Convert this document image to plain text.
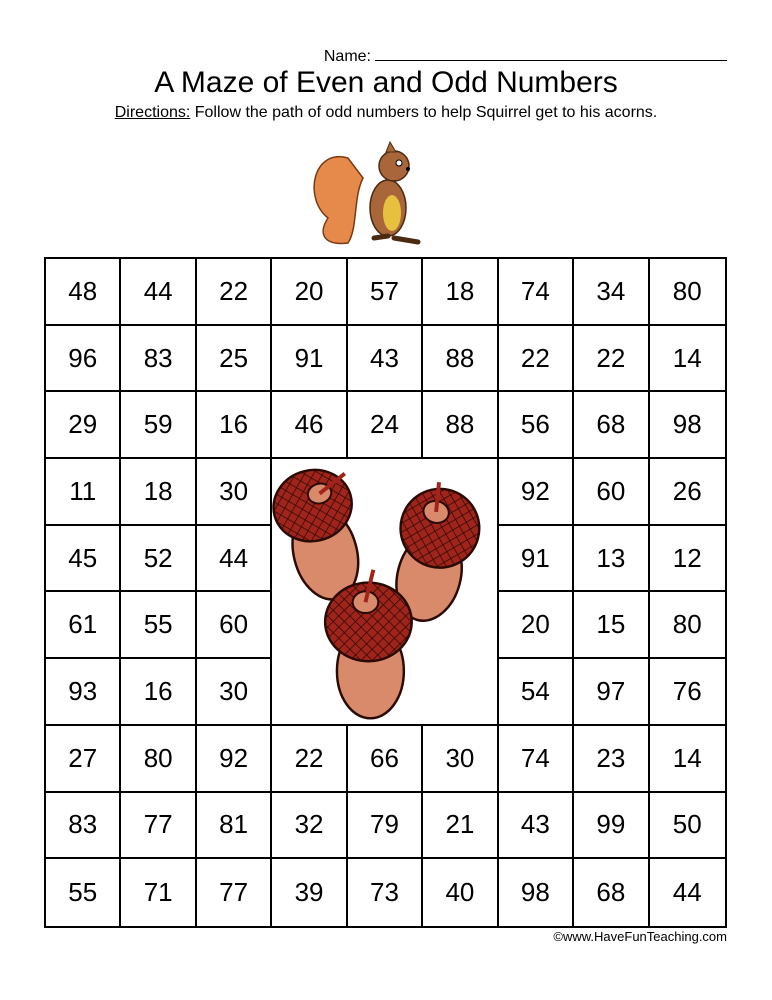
Name:
A Maze of Even and Odd Numbers
Directions: Follow the path of odd numbers to help Squirrel get to his acorns.
48	44	22	20	57	18	74	34	80
96	83	25	91	43	88	22	22	14
29	59	16	46	24	88	56	68	98
11	18	30	92	60	26
45	52	44	91	13	12
61	55	60	20	15	80
93	16	30	54	97	76
27	80	92	22	66	30	74	23	14
83	77	81	32	79	21	43	99	50
55	71	77	39	73	40	98	68	44
©www.HaveFunTeaching.com
